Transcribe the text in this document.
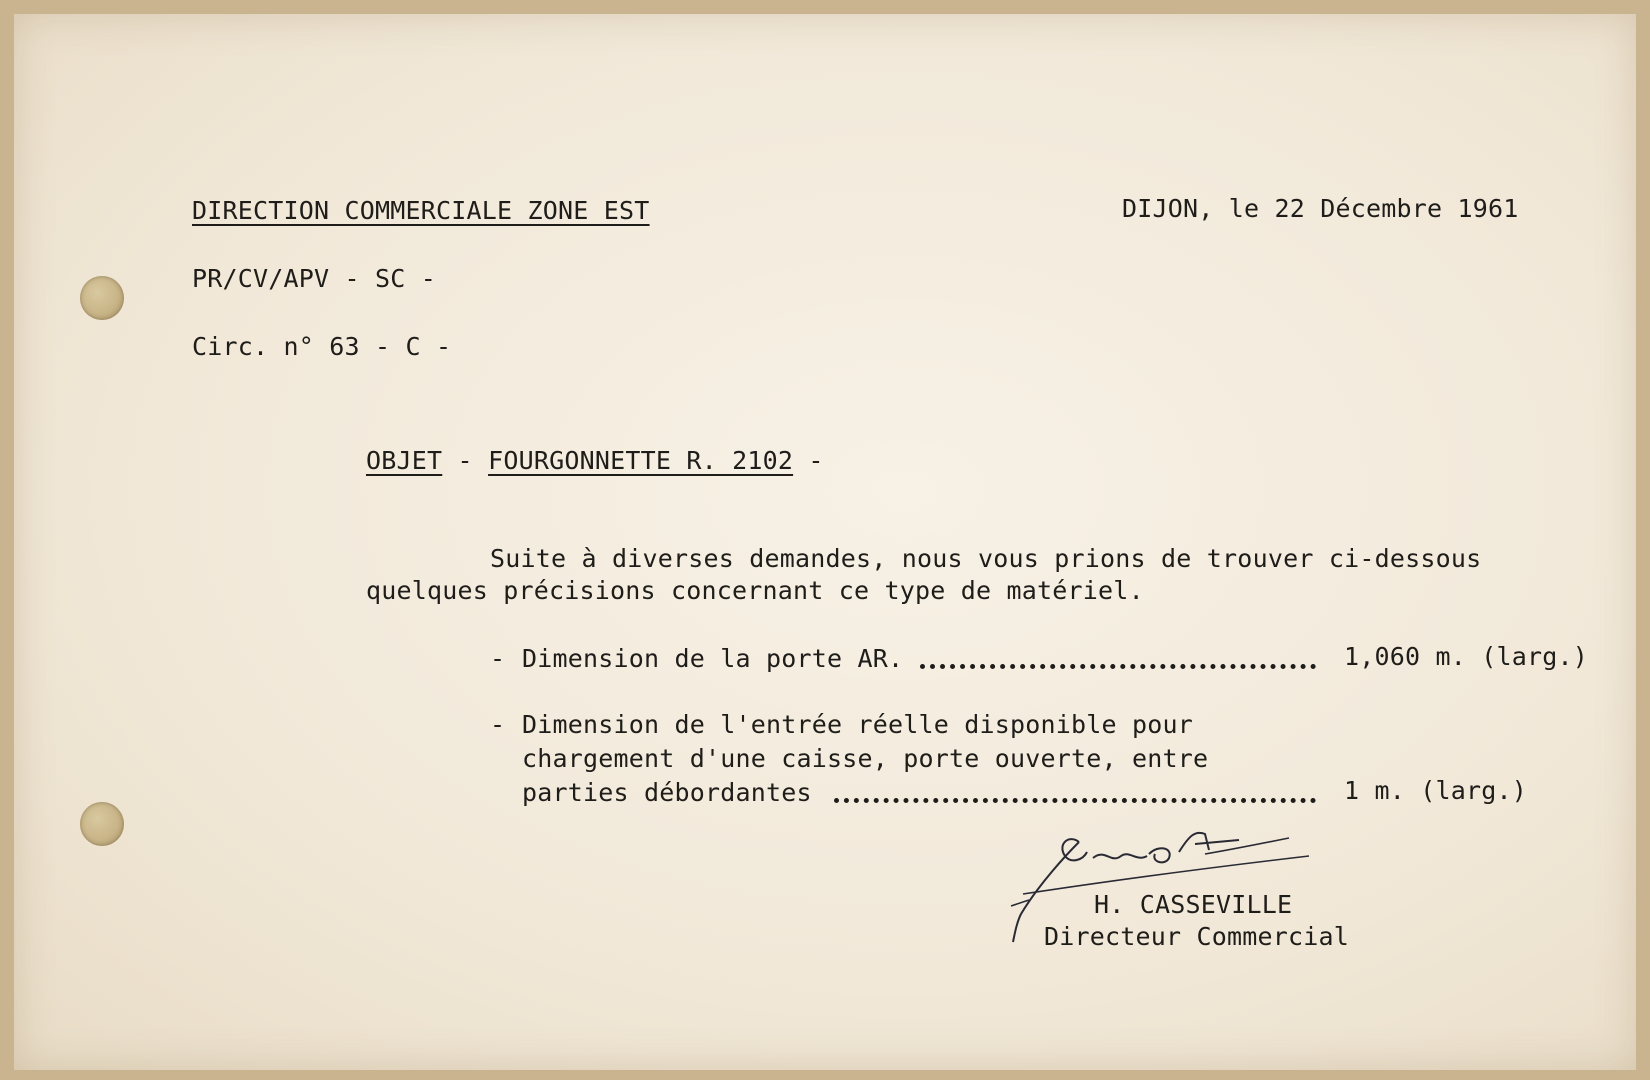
DIRECTION COMMERCIALE ZONE EST	DIJON, le 22 Décembre 1961
PR/CV/APV - SC -
Circ. n° 63 - C -
OBJET - FOURGONNETTE R. 2102 -
Suite à diverses demandes, nous vous prions de trouver ci-dessous
quelques précisions concernant ce type de matériel.
- Dimension de la porte AR.	1,060 m. (larg.)
- Dimension de l'entrée réelle disponible pour
chargement d'une caisse, porte ouverte, entre
parties débordantes	1 m. (larg.)
H. CASSEVILLE
Directeur Commercial
